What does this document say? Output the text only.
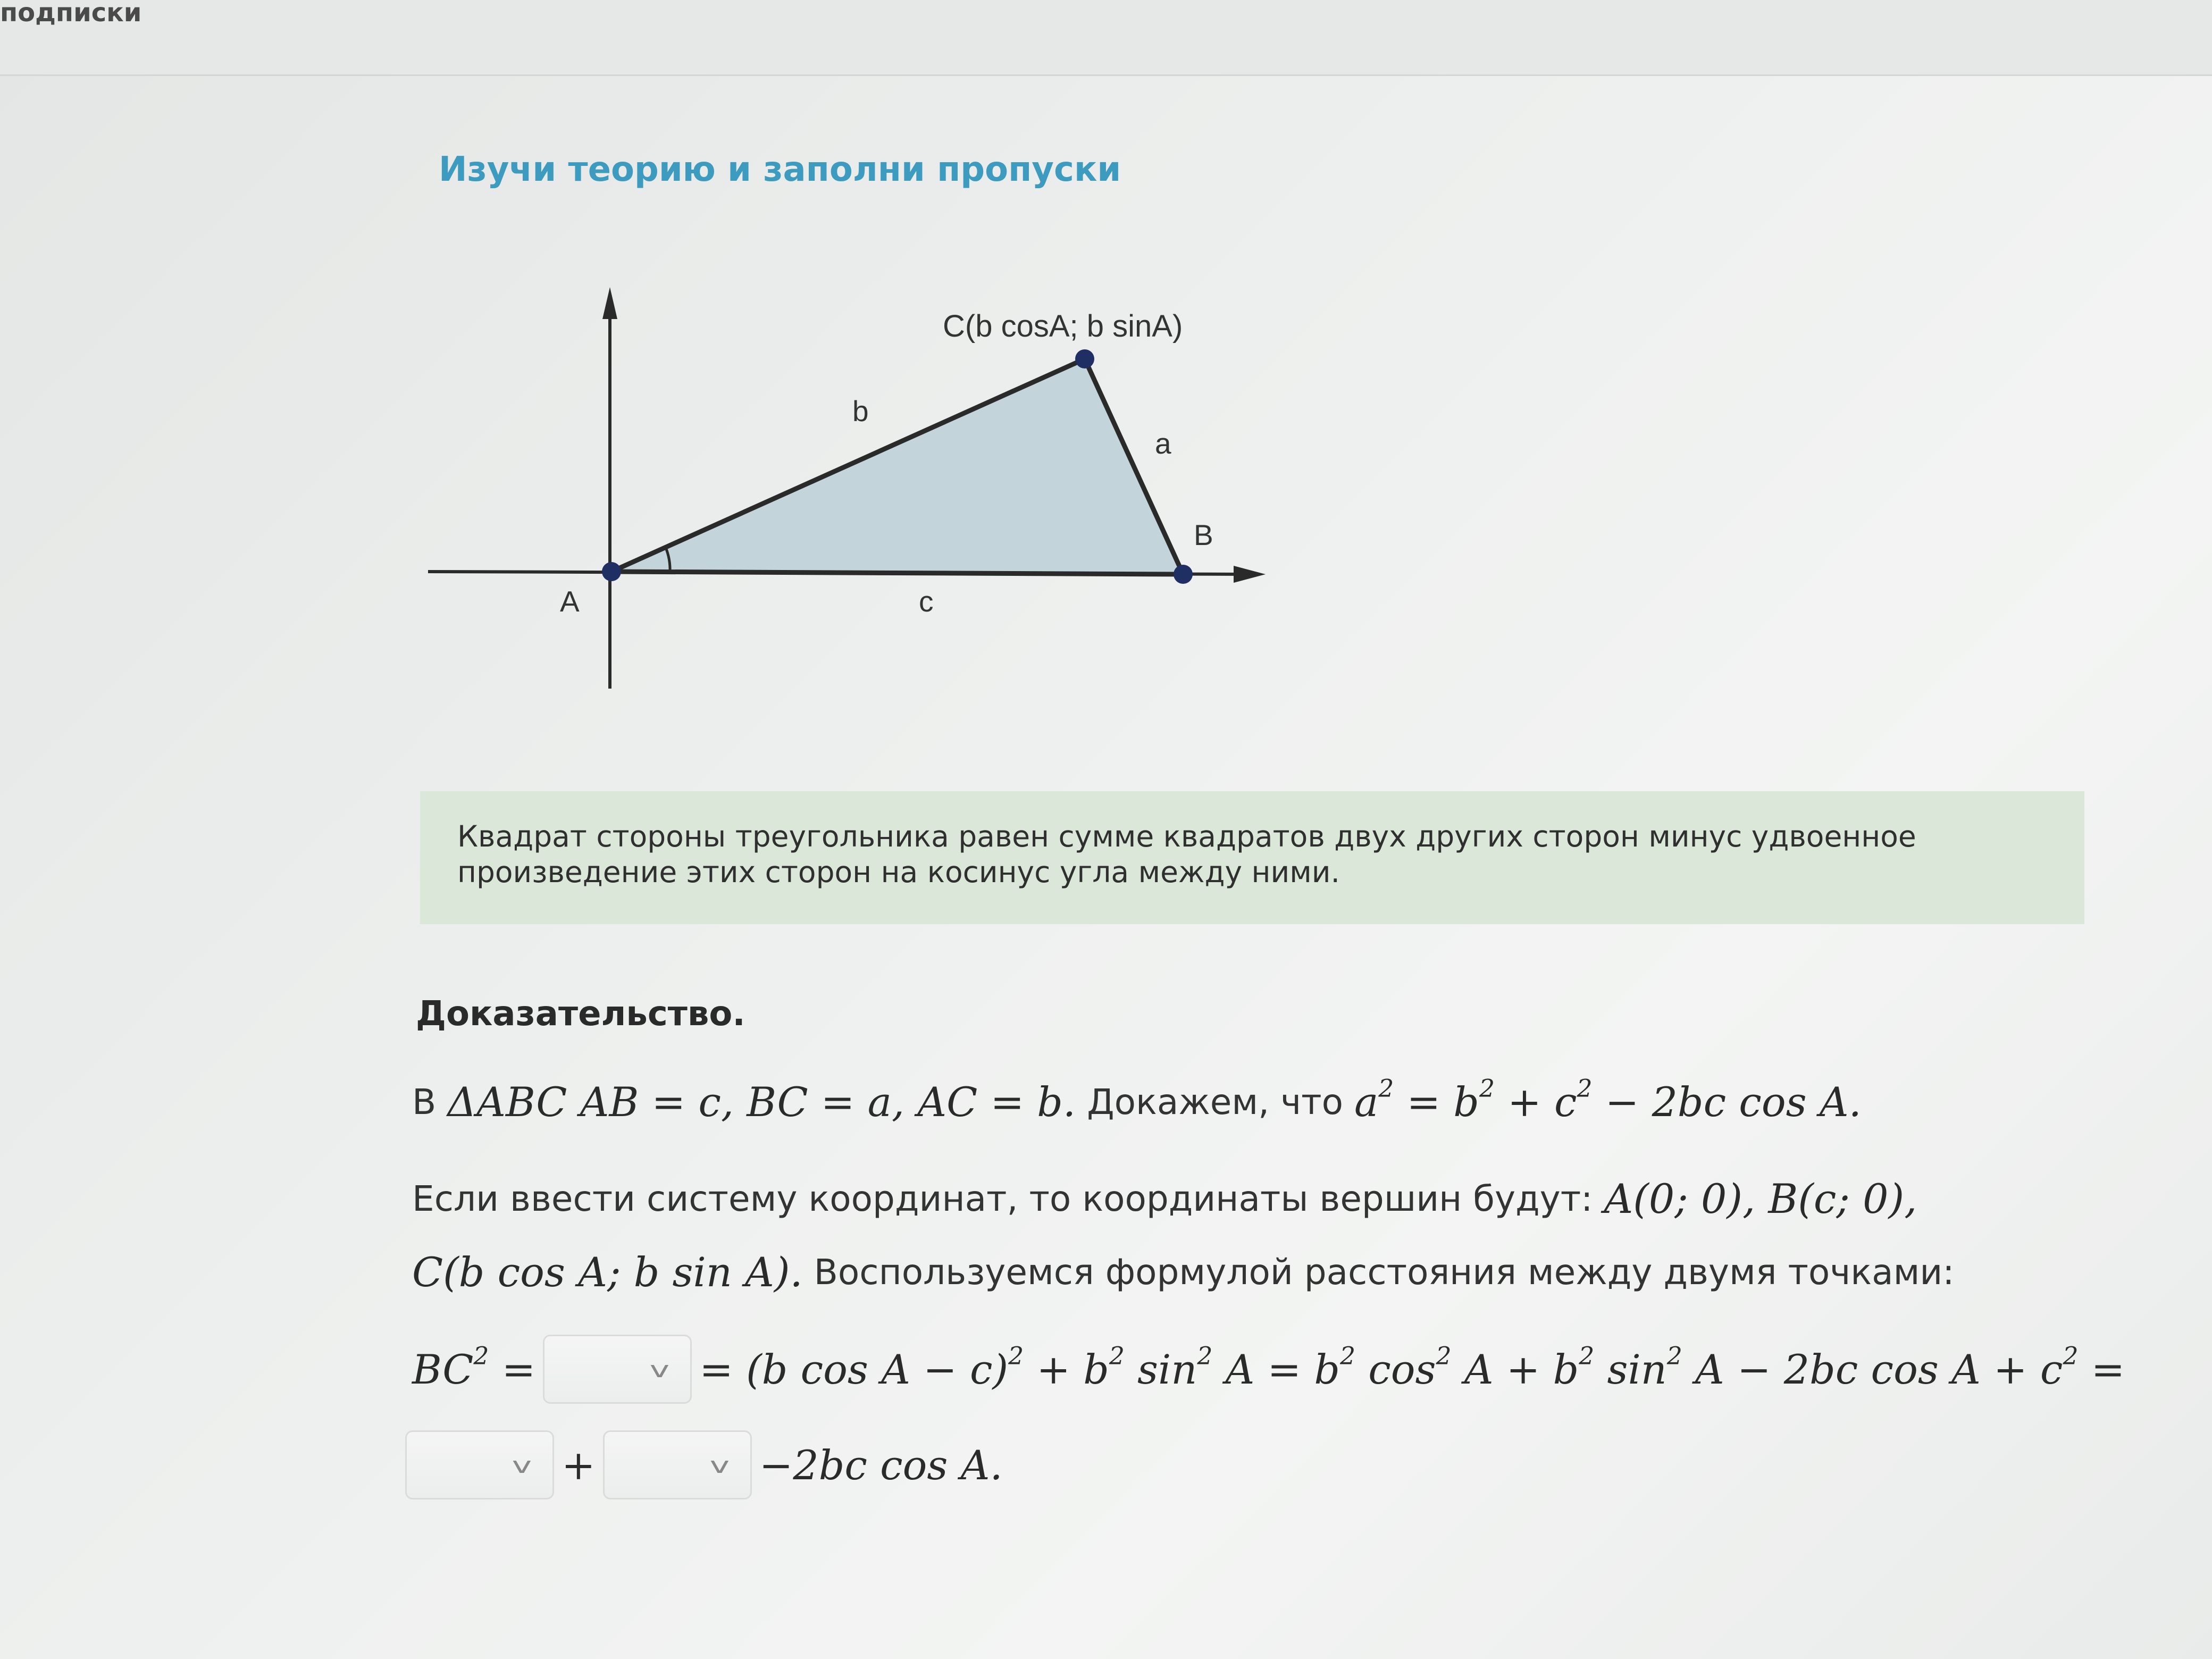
подписки
Изучи теорию и заполни пропуски
C(b cosA; b sinA)
b
a
B
A	c
Квадрат стороны треугольника равен сумме квадратов двух других сторон минус удвоенное произведение этих сторон на косинус угла между ними.
Доказательство.
В
ΔABC AB = c, BC = a, AC = b.
Докажем, что
$a^2 = b^2 + c^2 - 2bc$ cos A.
Если ввести систему координат, то координаты вершин будут:
A(0; 0), B(c; 0),
C(b cos A; b sin A).
Воспользуемся формулой расстояния между двумя точками:
$BC^2$ =	v = (b $\cos A - c)^2 + b^2$ $\sin^2 A = b^2$ $\cos^2 A + b^2$ $\sin^2 A - 2bc$ $\cos A + c^2$ =
v +	v −2bc cos A.
